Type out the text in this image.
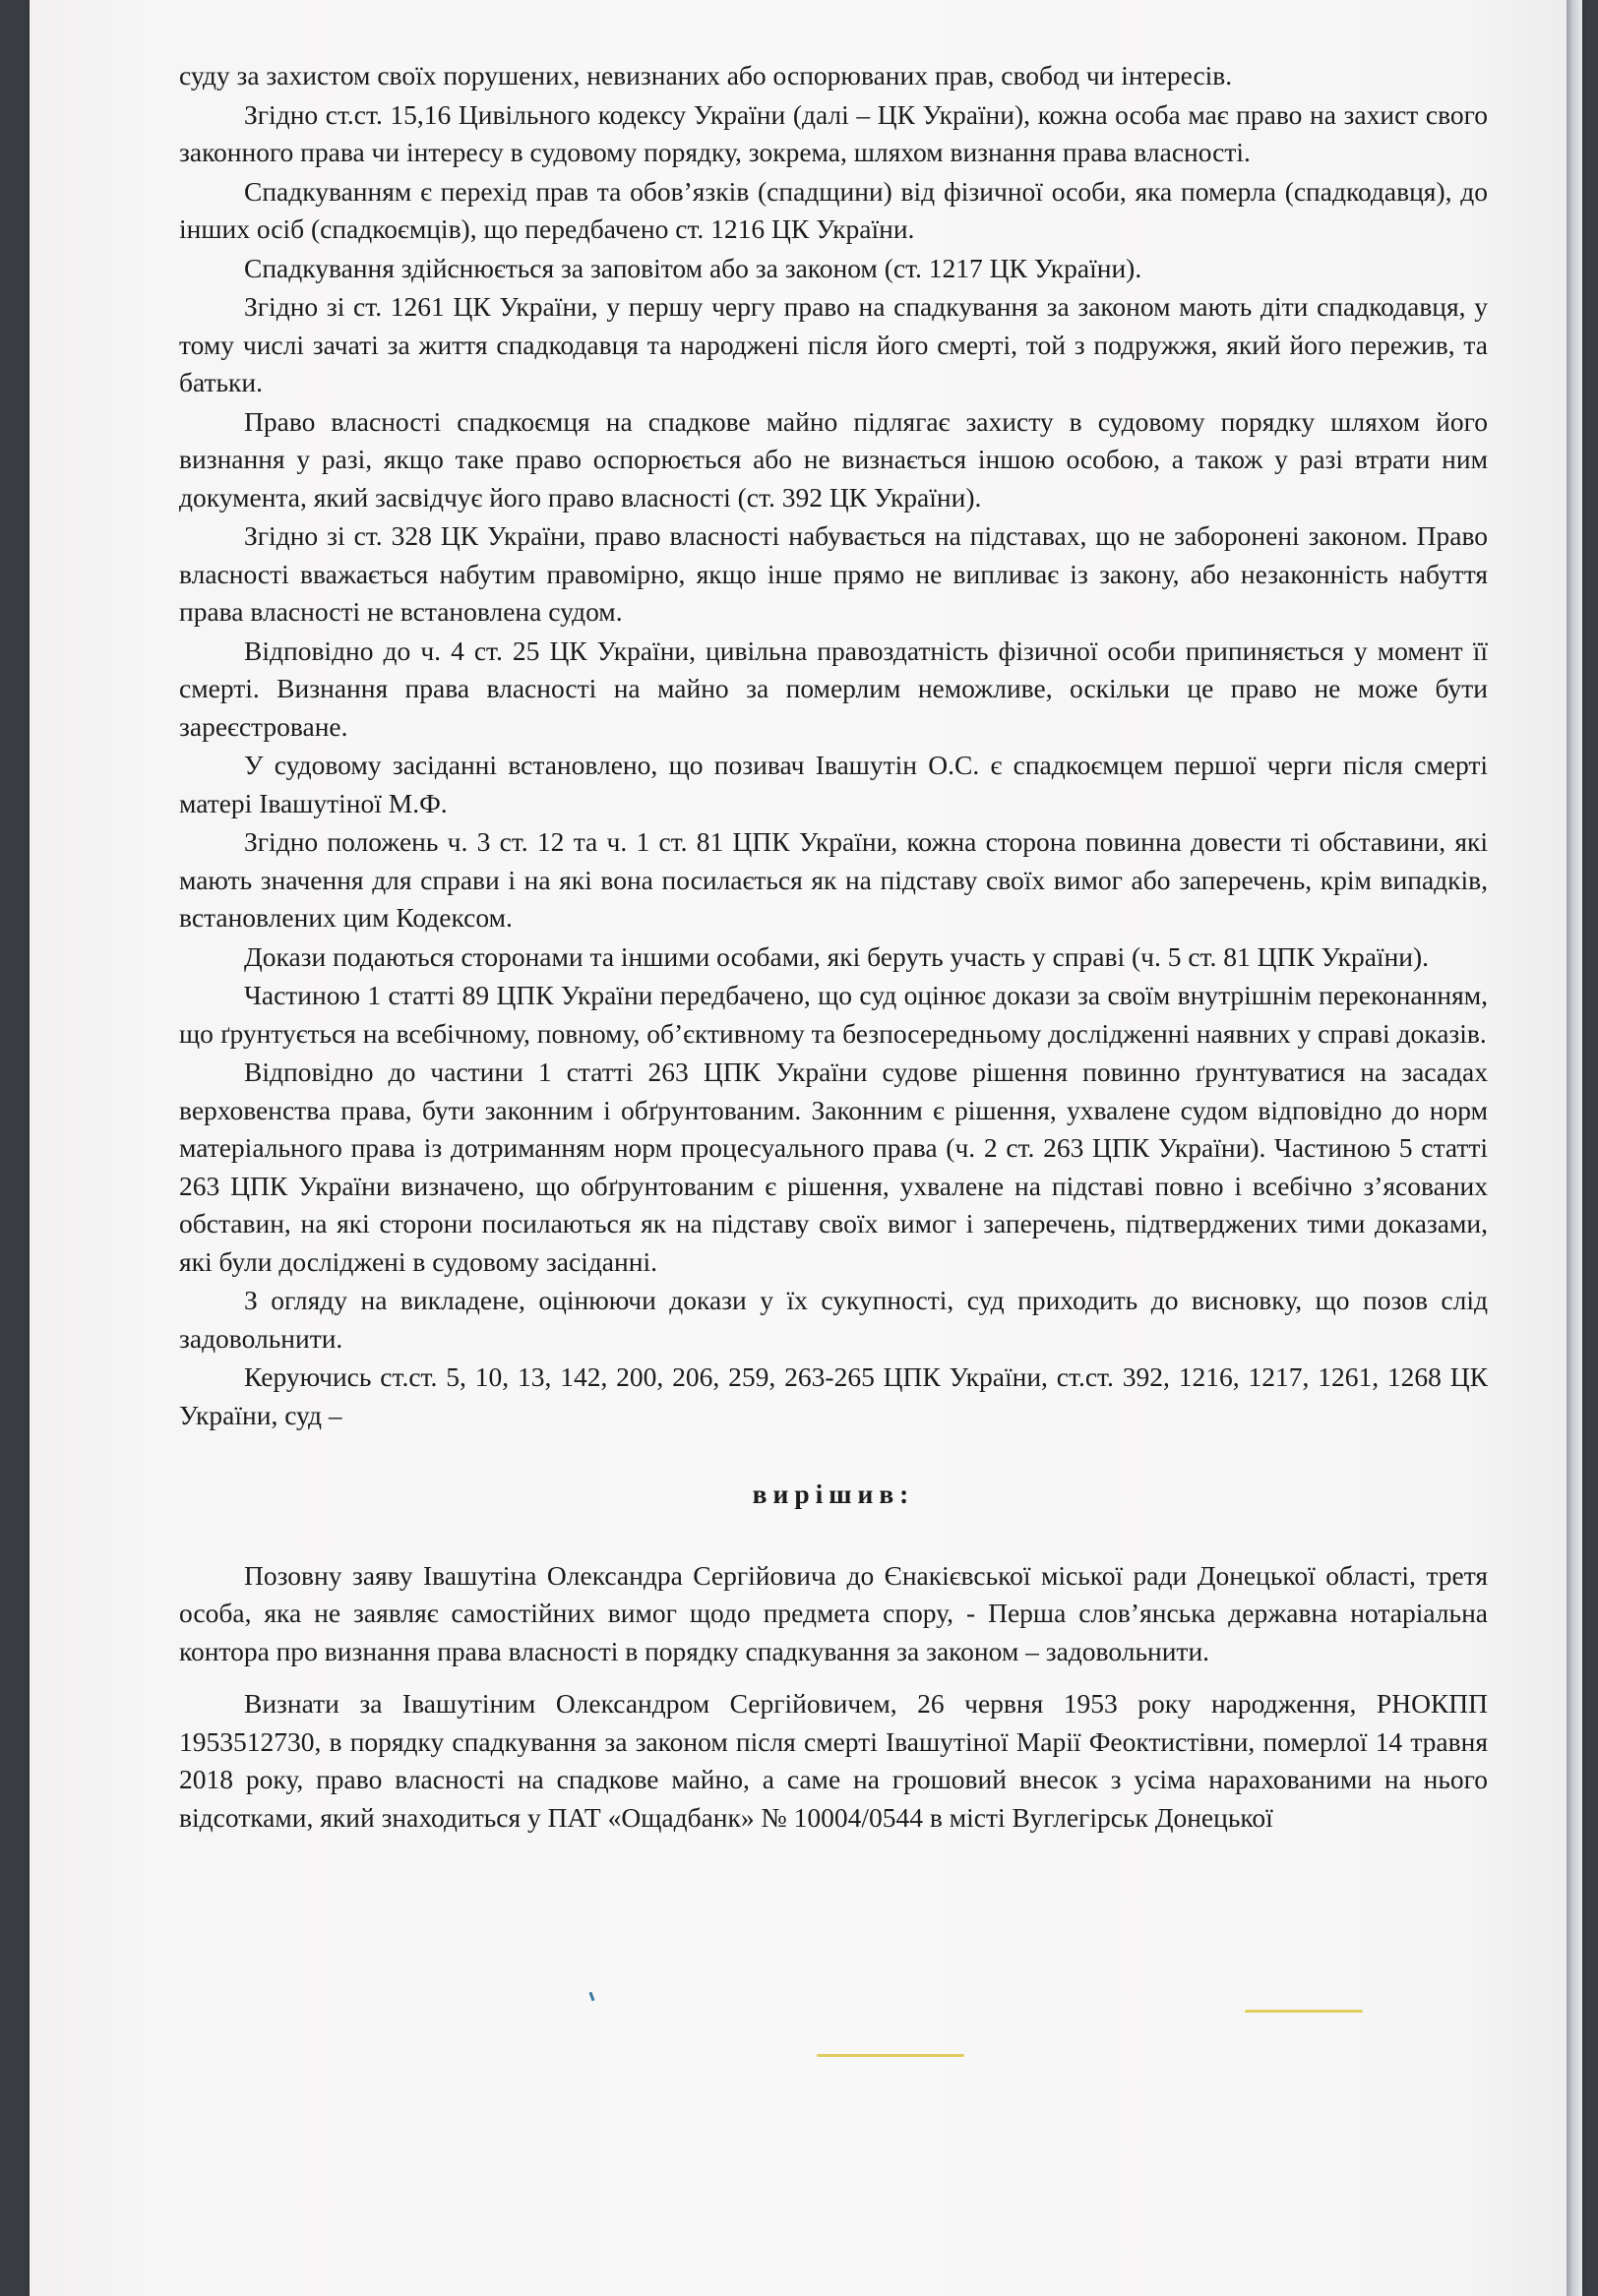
суду за захистом своїх порушених, невизнаних або оспорюваних прав, свобод чи інтересів.

Згідно ст.ст. 15,16 Цивільного кодексу України (далі – ЦК України), кожна особа має право на захист свого законного права чи інтересу в судовому порядку, зокрема, шляхом визнання права власності.

Спадкуванням є перехід прав та обов’язків (спадщини) від фізичної особи, яка померла (спадкодавця), до інших осіб (спадкоємців), що передбачено ст. 1216 ЦК України.

Спадкування здійснюється за заповітом або за законом (ст. 1217 ЦК України).

Згідно зі ст. 1261 ЦК України, у першу чергу право на спадкування за законом мають діти спадкодавця, у тому числі зачаті за життя спадкодавця та народжені після його смерті, той з подружжя, який його пережив, та батьки.

Право власності спадкоємця на спадкове майно підлягає захисту в судовому порядку шляхом його визнання у разі, якщо таке право оспорюється або не визнається іншою особою, а також у разі втрати ним документа, який засвідчує його право власності (ст. 392 ЦК України).

Згідно зі ст. 328 ЦК України, право власності набувається на підставах, що не заборонені законом. Право власності вважається набутим правомірно, якщо інше прямо не випливає із закону, або незаконність набуття права власності не встановлена судом.

Відповідно до ч. 4 ст. 25 ЦК України, цивільна правоздатність фізичної особи припиняється у момент її смерті. Визнання права власності на майно за померлим неможливе, оскільки це право не може бути зареєстроване.

У судовому засіданні встановлено, що позивач Івашутін О.С. є спадкоємцем першої черги після смерті матері Івашутіної М.Ф.

Згідно положень ч. 3 ст. 12 та ч. 1 ст. 81 ЦПК України, кожна сторона повинна довести ті обставини, які мають значення для справи і на які вона посилається як на підставу своїх вимог або заперечень, крім випадків, встановлених цим Кодексом.

Докази подаються сторонами та іншими особами, які беруть участь у справі (ч. 5 ст. 81 ЦПК України).

Частиною 1 статті 89 ЦПК України передбачено, що суд оцінює докази за своїм внутрішнім переконанням, що ґрунтується на всебічному, повному, об’єктивному та безпосередньому дослідженні наявних у справі доказів.

Відповідно до частини 1 статті 263 ЦПК України судове рішення повинно ґрунтуватися на засадах верховенства права, бути законним і обґрунтованим. Законним є рішення, ухвалене судом відповідно до норм матеріального права із дотриманням норм процесуального права (ч. 2 ст. 263 ЦПК України). Частиною 5 статті 263 ЦПК України визначено, що обґрунтованим є рішення, ухвалене на підставі повно і всебічно з’ясованих обставин, на які сторони посилаються як на підставу своїх вимог і заперечень, підтверджених тими доказами, які були досліджені в судовому засіданні.

З огляду на викладене, оцінюючи докази у їх сукупності, суд приходить до висновку, що позов слід задовольнити.

Керуючись ст.ст. 5, 10, 13, 142, 200, 206, 259, 263-265 ЦПК України, ст.ст. 392, 1216, 1217, 1261, 1268 ЦК України, суд –

вирішив:

Позовну заяву Івашутіна Олександра Сергійовича до Єнакієвської міської ради Донецької області, третя особа, яка не заявляє самостійних вимог щодо предмета спору, - Перша слов’янська державна нотаріальна контора про визнання права власності в порядку спадкування за законом – задовольнити.

Визнати за Івашутіним Олександром Сергійовичем, 26 червня 1953 року народження, РНОКПП 1953512730, в порядку спадкування за законом після смерті Івашутіної Марії Феоктистівни, померлої 14 травня 2018 року, право власності на спадкове майно, а саме на грошовий внесок з усіма нарахованими на нього відсотками, який знаходиться у ПАТ «Ощадбанк» № 10004/0544 в місті Вуглегірськ Донецької
